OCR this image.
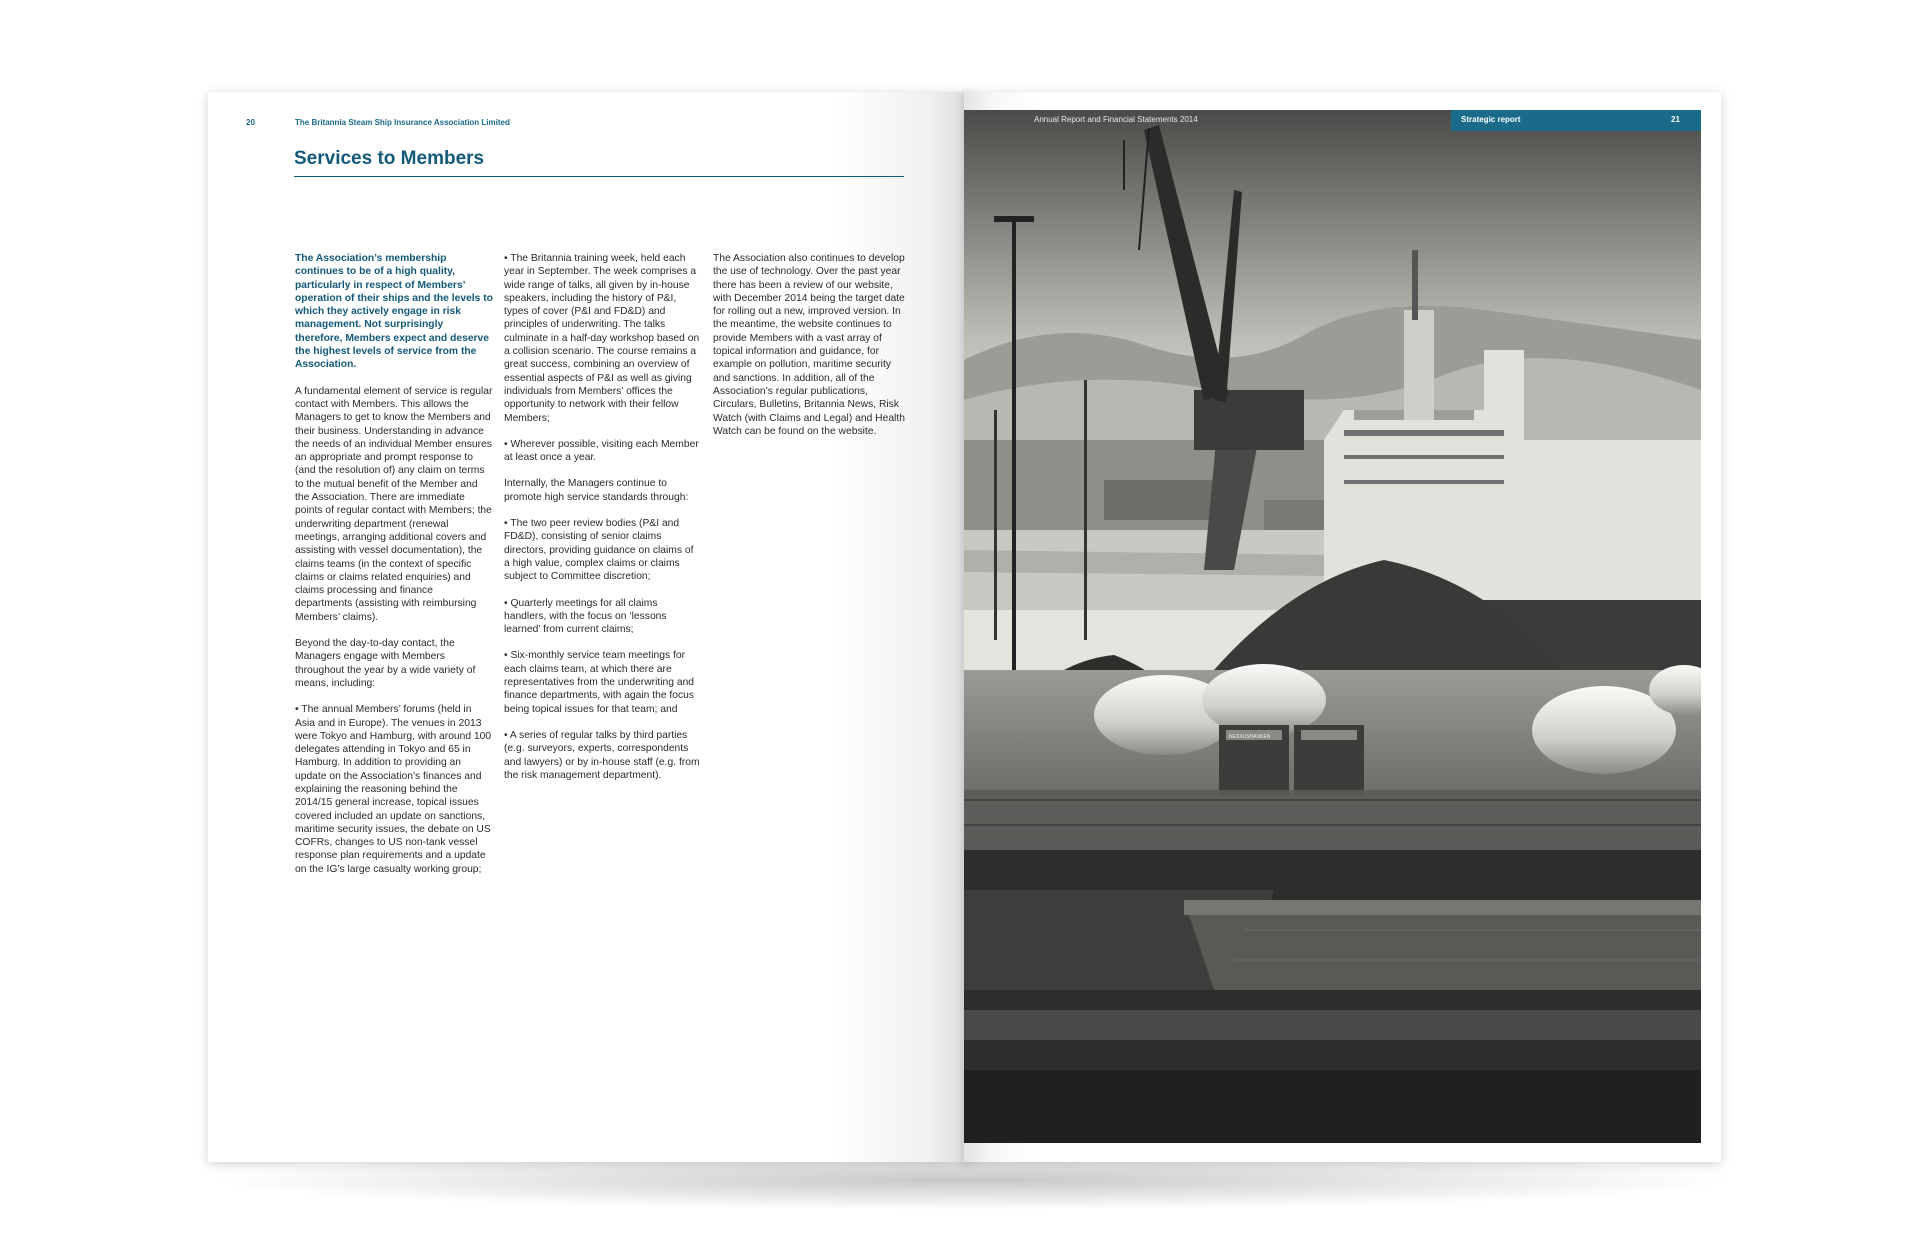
20	The Britannia Steam Ship Insurance Association Limited
Services to Members

The Association’s membership continues to be of a high quality, particularly in respect of Members’ operation of their ships and the levels to which they actively engage in risk management. Not surprisingly therefore, Members expect and deserve the highest levels of service from the Association.

A fundamental element of service is regular contact with Members. This allows the Managers to get to know the Members and their business. Understanding in advance the needs of an individual Member ensures an appropriate and prompt response to (and the resolution of) any claim on terms to the mutual benefit of the Member and the Association. There are immediate points of regular contact with Members; the underwriting department (renewal meetings, arranging additional covers and assisting with vessel documentation), the claims teams (in the context of specific claims or claims related enquiries) and claims processing and finance departments (assisting with reimbursing Members’ claims).

Beyond the day-to-day contact, the Managers engage with Members throughout the year by a wide variety of means, including:

• The annual Members’ forums (held in Asia and in Europe). The venues in 2013 were Tokyo and Hamburg, with around 100 delegates attending in Tokyo and 65 in Hamburg. In addition to providing an update on the Association’s finances and explaining the reasoning behind the 2014/15 general increase, topical issues covered included an update on sanctions, maritime security issues, the debate on US COFRs, changes to US non-tank vessel response plan requirements and a update on the IG’s large casualty working group;

• The Britannia training week, held each year in September. The week comprises a wide range of talks, all given by in-house speakers, including the history of P&I, types of cover (P&I and FD&D) and principles of underwriting. The talks culminate in a half-day workshop based on a collision scenario. The course remains a great success, combining an overview of essential aspects of P&I as well as giving individuals from Members’ offices the opportunity to network with their fellow Members;

• Wherever possible, visiting each Member at least once a year.

Internally, the Managers continue to promote high service standards through:

• The two peer review bodies (P&I and FD&D), consisting of senior claims directors, providing guidance on claims of a high value, complex claims or claims subject to Committee discretion;

• Quarterly meetings for all claims handlers, with the focus on ‘lessons learned’ from current claims;

• Six-monthly service team meetings for each claims team, at which there are representatives from the underwriting and finance departments, with again the focus being topical issues for that team; and

• A series of regular talks by third parties (e.g. surveyors, experts, correspondents and lawyers) or by in-house staff (e.g. from the risk management department).

The Association also continues to develop the use of technology. Over the past year there has been a review of our website, with December 2014 being the target date for rolling out a new, improved version. In the meantime, the website continues to provide Members with a vast array of topical information and guidance, for example on pollution, maritime security and sanctions. In addition, all of the Association’s regular publications, Circulars, Bulletins, Britannia News, Risk Watch (with Claims and Legal) and Health Watch can be found on the website.

NEXXUSHAUKEN
Annual Report and Financial Statements 2014	Strategic report	21
